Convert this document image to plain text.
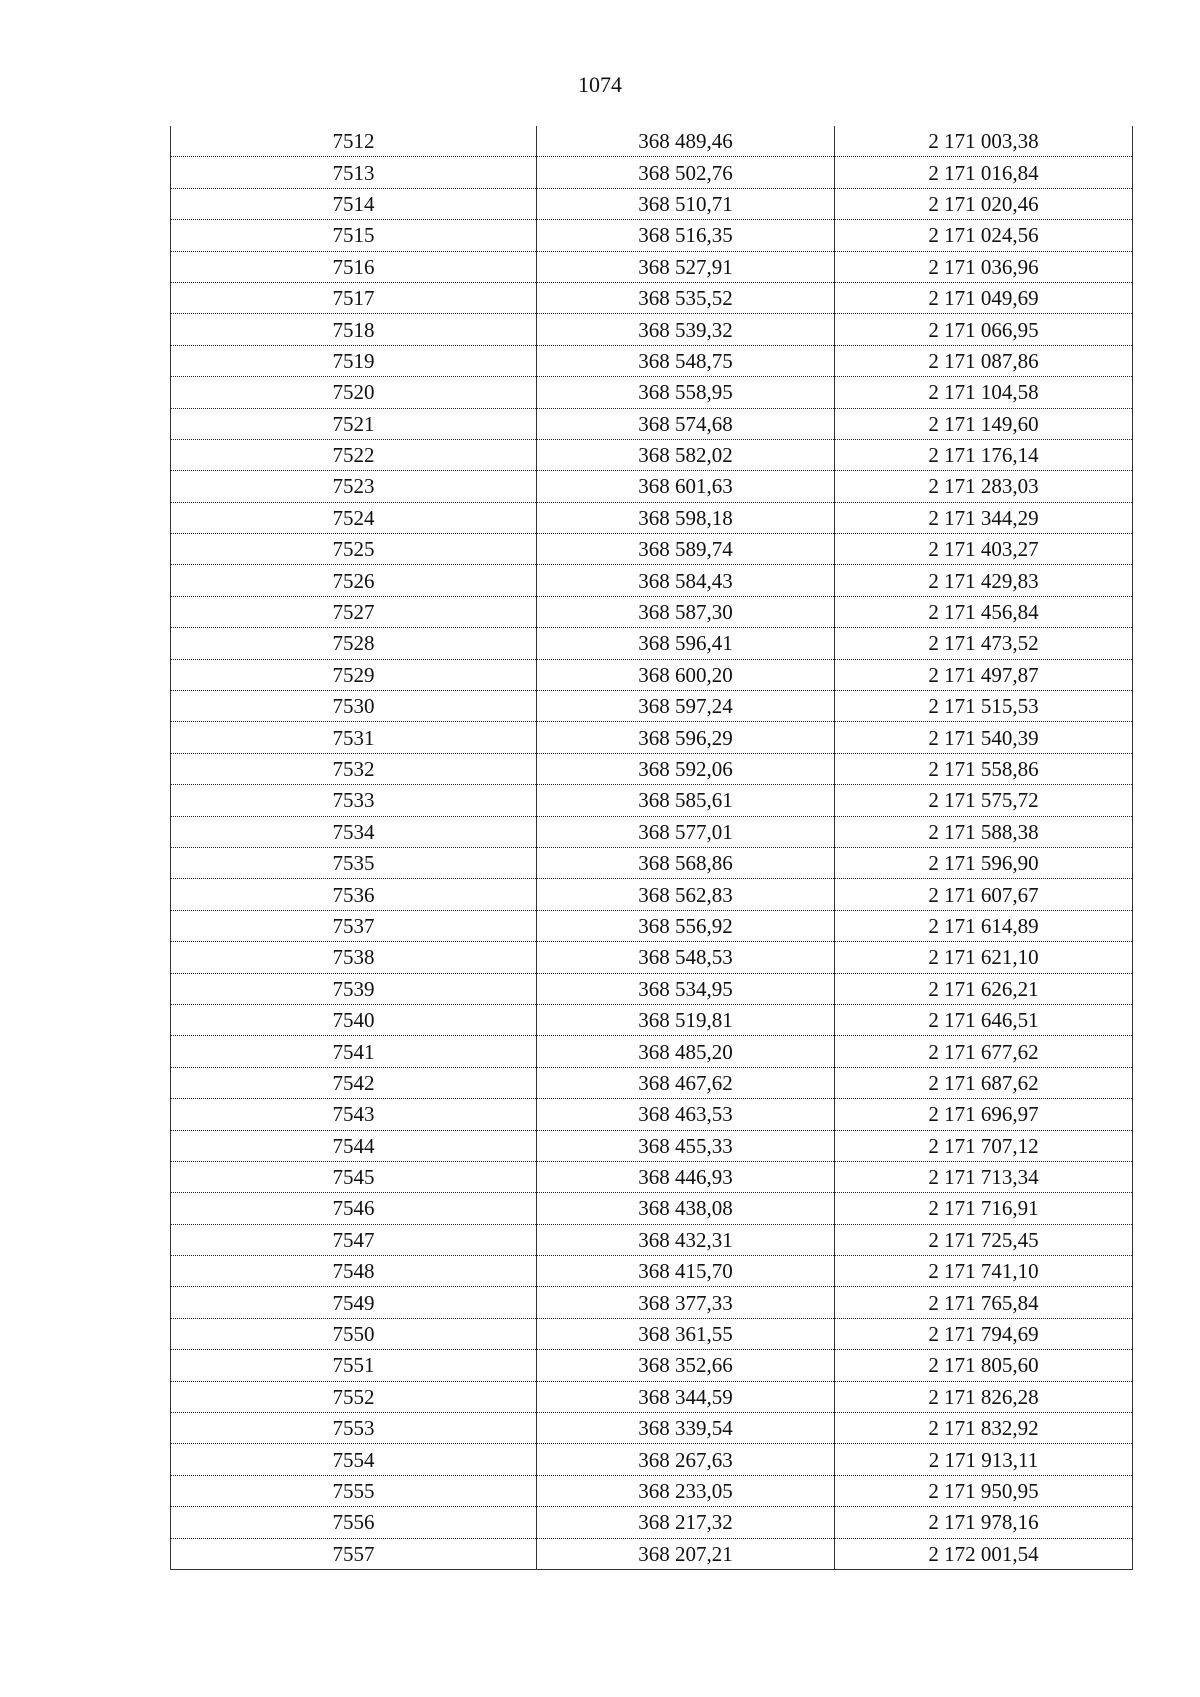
1074
7512	368 489,46	2 171 003,38
7513	368 502,76	2 171 016,84
7514	368 510,71	2 171 020,46
7515	368 516,35	2 171 024,56
7516	368 527,91	2 171 036,96
7517	368 535,52	2 171 049,69
7518	368 539,32	2 171 066,95
7519	368 548,75	2 171 087,86
7520	368 558,95	2 171 104,58
7521	368 574,68	2 171 149,60
7522	368 582,02	2 171 176,14
7523	368 601,63	2 171 283,03
7524	368 598,18	2 171 344,29
7525	368 589,74	2 171 403,27
7526	368 584,43	2 171 429,83
7527	368 587,30	2 171 456,84
7528	368 596,41	2 171 473,52
7529	368 600,20	2 171 497,87
7530	368 597,24	2 171 515,53
7531	368 596,29	2 171 540,39
7532	368 592,06	2 171 558,86
7533	368 585,61	2 171 575,72
7534	368 577,01	2 171 588,38
7535	368 568,86	2 171 596,90
7536	368 562,83	2 171 607,67
7537	368 556,92	2 171 614,89
7538	368 548,53	2 171 621,10
7539	368 534,95	2 171 626,21
7540	368 519,81	2 171 646,51
7541	368 485,20	2 171 677,62
7542	368 467,62	2 171 687,62
7543	368 463,53	2 171 696,97
7544	368 455,33	2 171 707,12
7545	368 446,93	2 171 713,34
7546	368 438,08	2 171 716,91
7547	368 432,31	2 171 725,45
7548	368 415,70	2 171 741,10
7549	368 377,33	2 171 765,84
7550	368 361,55	2 171 794,69
7551	368 352,66	2 171 805,60
7552	368 344,59	2 171 826,28
7553	368 339,54	2 171 832,92
7554	368 267,63	2 171 913,11
7555	368 233,05	2 171 950,95
7556	368 217,32	2 171 978,16
7557	368 207,21	2 172 001,54
